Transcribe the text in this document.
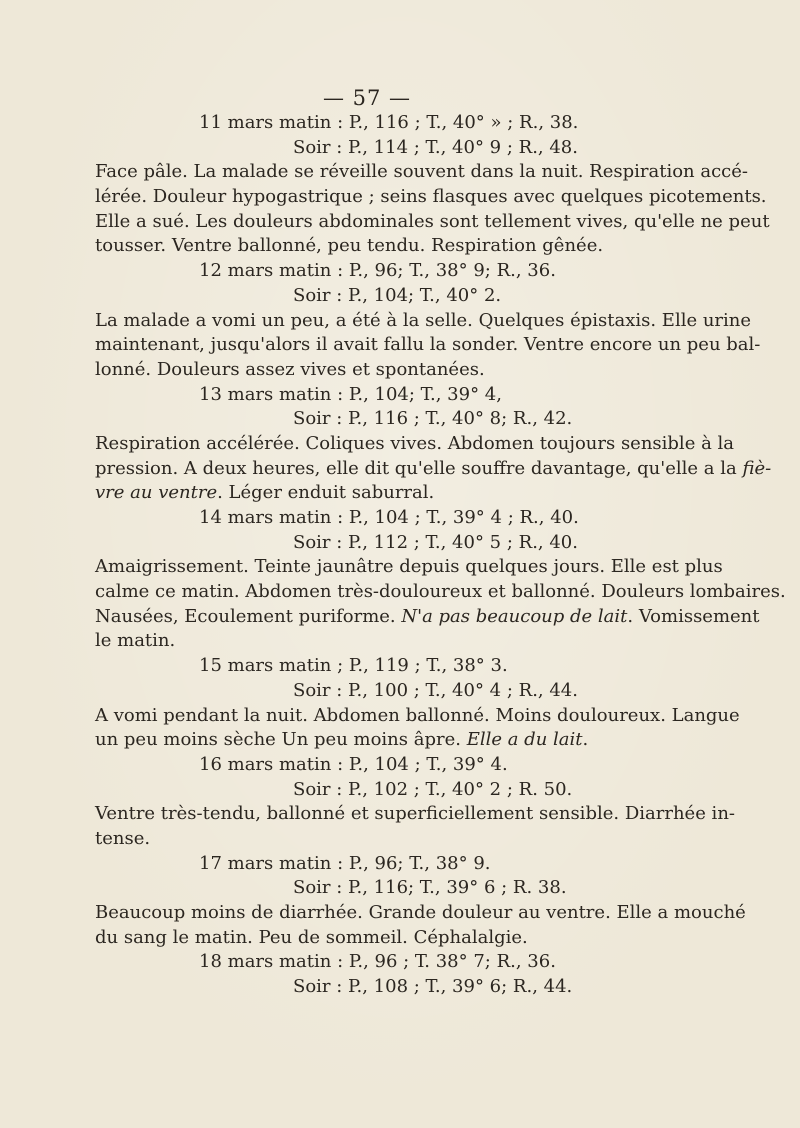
— 57 —
11 mars matin : P., 116 ; T., 40° » ; R., 38.
Soir : P., 114 ; T., 40° 9 ; R., 48.
Face pâle. La malade se réveille souvent dans la nuit. Respiration accé-
lérée. Douleur hypogastrique ; seins flasques avec quelques picotements.
Elle a sué. Les douleurs abdominales sont tellement vives, qu'elle ne peut
tousser. Ventre ballonné, peu tendu. Respiration gênée.
12 mars matin : P., 96; T., 38° 9; R., 36.
Soir : P., 104; T., 40° 2.
La malade a vomi un peu, a été à la selle. Quelques épistaxis. Elle urine
maintenant, jusqu'alors il avait fallu la sonder. Ventre encore un peu bal-
lonné. Douleurs assez vives et spontanées.
13 mars matin : P., 104; T., 39° 4,
Soir : P., 116 ; T., 40° 8; R., 42.
Respiration accélérée. Coliques vives. Abdomen toujours sensible à la
pression. A deux heures, elle dit qu'elle souffre davantage, qu'elle a la fiè-
vre au ventre. Léger enduit saburral.
14 mars matin : P., 104 ; T., 39° 4 ; R., 40.
Soir : P., 112 ; T., 40° 5 ; R., 40.
Amaigrissement. Teinte jaunâtre depuis quelques jours. Elle est plus
calme ce matin. Abdomen très-douloureux et ballonné. Douleurs lombaires.
Nausées, Ecoulement puriforme. N'a pas beaucoup de lait. Vomissement
le matin.
15 mars matin ; P., 119 ; T., 38° 3.
Soir : P., 100 ; T., 40° 4 ; R., 44.
A vomi pendant la nuit. Abdomen ballonné. Moins douloureux. Langue
un peu moins sèche Un peu moins âpre. Elle a du lait.
16 mars matin : P., 104 ; T., 39° 4.
Soir : P., 102 ; T., 40° 2 ; R. 50.
Ventre très-tendu, ballonné et superficiellement sensible. Diarrhée in-
tense.
17 mars matin : P., 96; T., 38° 9.
Soir : P., 116; T., 39° 6 ; R. 38.
Beaucoup moins de diarrhée. Grande douleur au ventre. Elle a mouché
du sang le matin. Peu de sommeil. Céphalalgie.
18 mars matin : P., 96 ; T. 38° 7; R., 36.
Soir : P., 108 ; T., 39° 6; R., 44.
